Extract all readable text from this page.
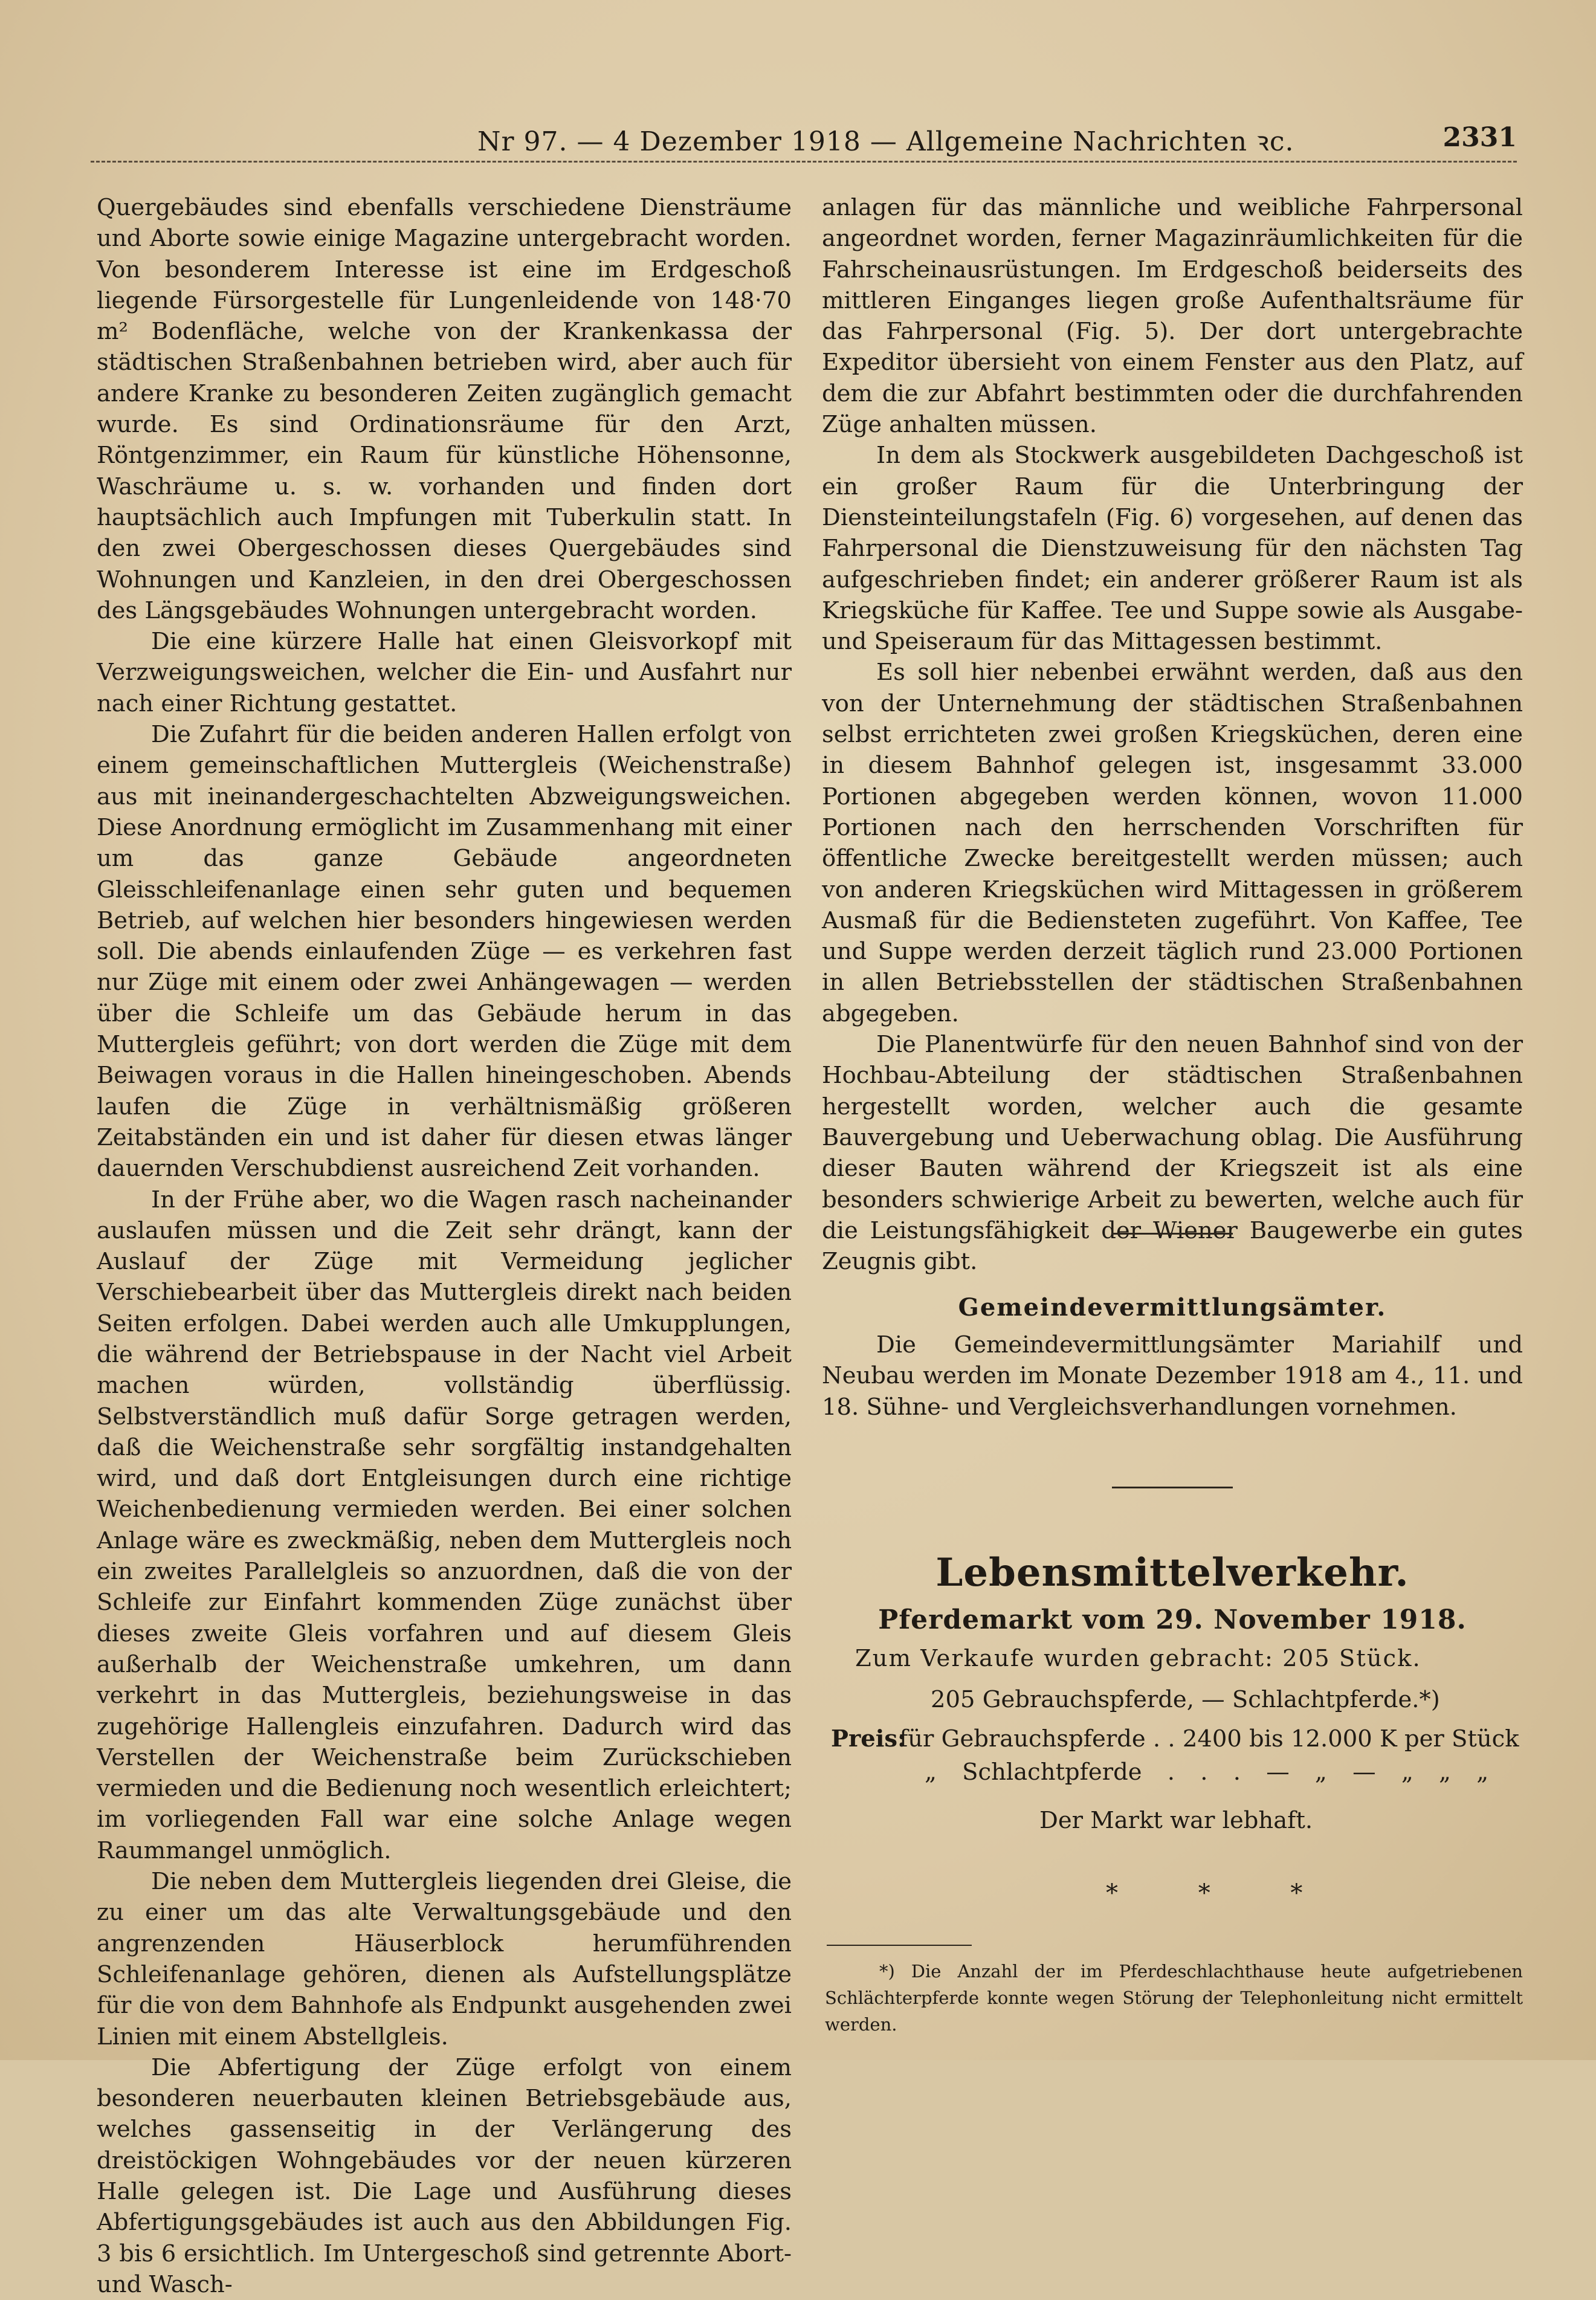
Nr 97. — 4 Dezember 1918 — Allgemeine Nachrichten ꝛc.	2331

Quergebäudes sind ebenfalls verschiedene Diensträume und Aborte sowie einige Magazine untergebracht worden. Von besonderem Interesse ist eine im Erdgeschoß liegende Fürsorgestelle für Lungenleidende von 148·70 m² Bodenfläche, welche von der Krankenkassa der städtischen Straßenbahnen betrieben wird, aber auch für andere Kranke zu besonderen Zeiten zugänglich gemacht wurde. Es sind Ordinationsräume für den Arzt, Röntgenzimmer, ein Raum für künstliche Höhensonne, Waschräume u. s. w. vorhanden und finden dort hauptsächlich auch Impfungen mit Tuberkulin statt. In den zwei Obergeschossen dieses Quergebäudes sind Wohnungen und Kanzleien, in den drei Obergeschossen des Längsgebäudes Wohnungen untergebracht worden.

Die eine kürzere Halle hat einen Gleisvorkopf mit Verzweigungsweichen, welcher die Ein- und Ausfahrt nur nach einer Richtung gestattet.

Die Zufahrt für die beiden anderen Hallen erfolgt von einem gemeinschaftlichen Muttergleis (Weichenstraße) aus mit ineinandergeschachtelten Abzweigungsweichen. Diese Anordnung ermöglicht im Zusammenhang mit einer um das ganze Gebäude angeordneten Gleisschleifenanlage einen sehr guten und bequemen Betrieb, auf welchen hier besonders hingewiesen werden soll. Die abends einlaufenden Züge — es verkehren fast nur Züge mit einem oder zwei Anhängewagen — werden über die Schleife um das Gebäude herum in das Muttergleis geführt; von dort werden die Züge mit dem Beiwagen voraus in die Hallen hineingeschoben. Abends laufen die Züge in verhältnismäßig größeren Zeitabständen ein und ist daher für diesen etwas länger dauernden Verschubdienst ausreichend Zeit vorhanden.

In der Frühe aber, wo die Wagen rasch nacheinander auslaufen müssen und die Zeit sehr drängt, kann der Auslauf der Züge mit Vermeidung jeglicher Verschiebearbeit über das Muttergleis direkt nach beiden Seiten erfolgen. Dabei werden auch alle Umkupplungen, die während der Betriebspause in der Nacht viel Arbeit machen würden, vollständig überflüssig. Selbstverständlich muß dafür Sorge getragen werden, daß die Weichenstraße sehr sorgfältig instandgehalten wird, und daß dort Entgleisungen durch eine richtige Weichenbedienung vermieden werden. Bei einer solchen Anlage wäre es zweckmäßig, neben dem Muttergleis noch ein zweites Parallelgleis so anzuordnen, daß die von der Schleife zur Einfahrt kommenden Züge zunächst über dieses zweite Gleis vorfahren und auf diesem Gleis außerhalb der Weichenstraße umkehren, um dann verkehrt in das Muttergleis, beziehungsweise in das zugehörige Hallengleis einzufahren. Dadurch wird das Verstellen der Weichenstraße beim Zurückschieben vermieden und die Bedienung noch wesentlich erleichtert; im vorliegenden Fall war eine solche Anlage wegen Raummangel unmöglich.

Die neben dem Muttergleis liegenden drei Gleise, die zu einer um das alte Verwaltungsgebäude und den angrenzenden Häuserblock herumführenden Schleifenanlage gehören, dienen als Aufstellungsplätze für die von dem Bahnhofe als Endpunkt ausgehenden zwei Linien mit einem Abstellgleis.

Die Abfertigung der Züge erfolgt von einem besonderen neuerbauten kleinen Betriebsgebäude aus, welches gassenseitig in der Verlängerung des dreistöckigen Wohngebäudes vor der neuen kürzeren Halle gelegen ist. Die Lage und Ausführung dieses Abfertigungsgebäudes ist auch aus den Abbildungen Fig. 3 bis 6 ersichtlich. Im Untergeschoß sind getrennte Abort- und Wasch-

anlagen für das männliche und weibliche Fahrpersonal angeordnet worden, ferner Magazinräumlichkeiten für die Fahrscheinausrüstungen. Im Erdgeschoß beiderseits des mittleren Einganges liegen große Aufenthaltsräume für das Fahrpersonal (Fig. 5). Der dort untergebrachte Expeditor übersieht von einem Fenster aus den Platz, auf dem die zur Abfahrt bestimmten oder die durchfahrenden Züge anhalten müssen.

In dem als Stockwerk ausgebildeten Dachgeschoß ist ein großer Raum für die Unterbringung der Diensteinteilungstafeln (Fig. 6) vorgesehen, auf denen das Fahrpersonal die Dienstzuweisung für den nächsten Tag aufgeschrieben findet; ein anderer größerer Raum ist als Kriegsküche für Kaffee. Tee und Suppe sowie als Ausgabe- und Speiseraum für das Mittagessen bestimmt.

Es soll hier nebenbei erwähnt werden, daß aus den von der Unternehmung der städtischen Straßenbahnen selbst errichteten zwei großen Kriegsküchen, deren eine in diesem Bahnhof gelegen ist, insgesammt 33.000 Portionen abgegeben werden können, wovon 11.000 Portionen nach den herrschenden Vorschriften für öffentliche Zwecke bereitgestellt werden müssen; auch von anderen Kriegsküchen wird Mittagessen in größerem Ausmaß für die Bediensteten zugeführt. Von Kaffee, Tee und Suppe werden derzeit täglich rund 23.000 Portionen in allen Betriebsstellen der städtischen Straßenbahnen abgegeben.

Die Planentwürfe für den neuen Bahnhof sind von der Hochbau-Abteilung der städtischen Straßenbahnen hergestellt worden, welcher auch die gesamte Bauvergebung und Ueberwachung oblag. Die Ausführung dieser Bauten während der Kriegszeit ist als eine besonders schwierige Arbeit zu bewerten, welche auch für die Leistungsfähigkeit der Wiener Baugewerbe ein gutes Zeugnis gibt.

Gemeindevermittlungsämter.

Die Gemeindevermittlungsämter Mariahilf und Neubau werden im Monate Dezember 1918 am 4., 11. und 18. Sühne- und Vergleichsverhandlungen vornehmen.

Lebensmittelverkehr.
Pferdemarkt vom 29. November 1918.
Zum Verkaufe wurden gebracht: 205 Stück.
205 Gebrauchspferde, — Schlachtpferde.*)
Preis:
für Gebrauchspferde . . 2400 bis 12.000 K per Stück
„ Schlachtpferde . . . — „ — „ „ „
Der Markt war lebhaft.
* * *

*) Die Anzahl der im Pferdeschlachthause heute aufgetriebenen Schlächterpferde konnte wegen Störung der Telephonleitung nicht ermittelt werden.
